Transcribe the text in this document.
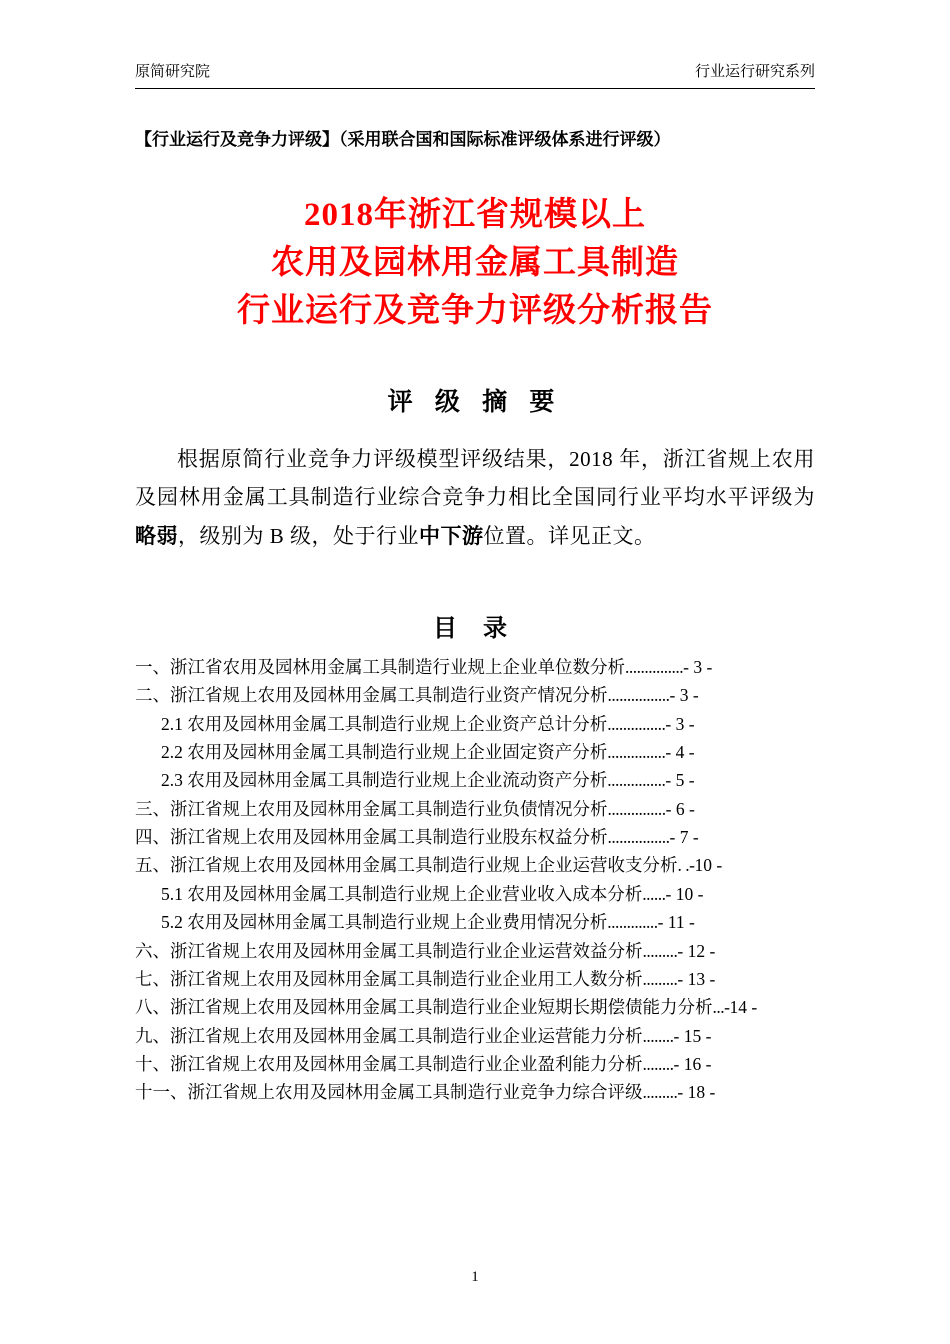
原简研究院	行业运行研究系列
【行业运行及竞争力评级】（采用联合国和国际标准评级体系进行评级）
2018年浙江省规模以上
农用及园林用金属工具制造
行业运行及竞争力评级分析报告
评 级 摘 要
根据原简行业竞争力评级模型评级结果，2018 年，浙江省规上农用及园林用金属工具制造行业综合竞争力相比全国同行业平均水平评级为略弱，级别为 B 级，处于行业中下游位置。详见正文。
目 录
一、浙江省农用及园林用金属工具制造行业规上企业单位数分析...............- 3 -
二、浙江省规上农用及园林用金属工具制造行业资产情况分析................- 3 -
2.1 农用及园林用金属工具制造行业规上企业资产总计分析...............- 3 -
2.2 农用及园林用金属工具制造行业规上企业固定资产分析...............- 4 -
2.3 农用及园林用金属工具制造行业规上企业流动资产分析...............- 5 -
三、浙江省规上农用及园林用金属工具制造行业负债情况分析...............- 6 -
四、浙江省规上农用及园林用金属工具制造行业股东权益分析................- 7 -
五、浙江省规上农用及园林用金属工具制造行业规上企业运营收支分析. .-10 -
5.1 农用及园林用金属工具制造行业规上企业营业收入成本分析......- 10 -
5.2 农用及园林用金属工具制造行业规上企业费用情况分析.............- 11 -
六、浙江省规上农用及园林用金属工具制造行业企业运营效益分析.........- 12 -
七、浙江省规上农用及园林用金属工具制造行业企业用工人数分析.........- 13 -
八、浙江省规上农用及园林用金属工具制造行业企业短期长期偿债能力分析...-14 -
九、浙江省规上农用及园林用金属工具制造行业企业运营能力分析........- 15 -
十、浙江省规上农用及园林用金属工具制造行业企业盈利能力分析........- 16 -
十一、浙江省规上农用及园林用金属工具制造行业竞争力综合评级.........- 18 -
1
